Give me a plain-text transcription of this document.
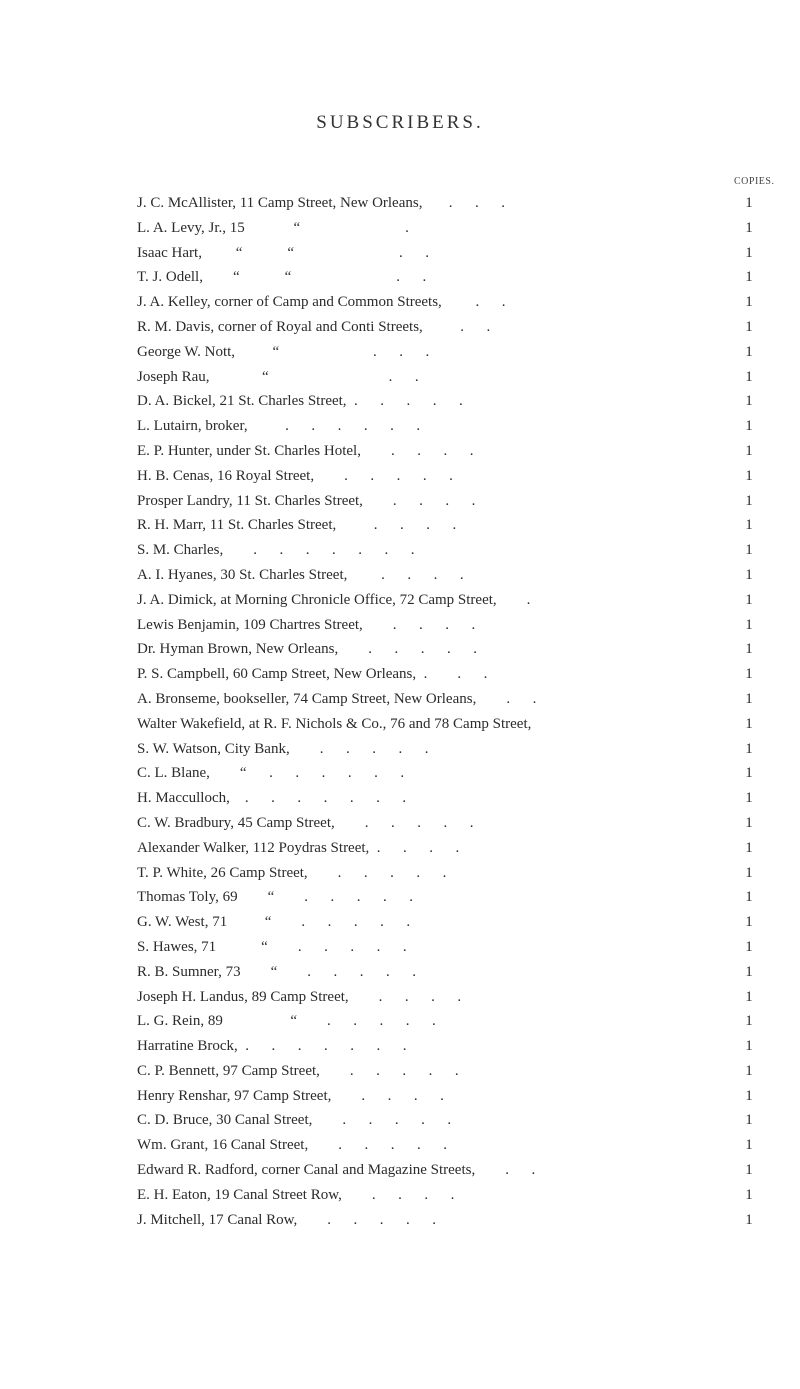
SUBSCRIBERS.
COPIES.
J. C. McAllister, 11 Camp Street, New Orleans,       .      .      .	1
L. A. Levy, Jr., 15             “                            .	1
Isaac Hart,         “            “                            .      .	1
T. J. Odell,        “            “                            .      .	1
J. A. Kelley, corner of Camp and Common Streets,         .      .	1
R. M. Davis, corner of Royal and Conti Streets,          .      .	1
George W. Nott,          “                         .      .      .	1
Joseph Rau,              “                                .      .	1
D. A. Bickel, 21 St. Charles Street,  .      .      .      .      .	1
L. Lutairn, broker,          .      .      .      .      .      .	1
E. P. Hunter, under St. Charles Hotel,        .      .      .      .	1
H. B. Cenas, 16 Royal Street,        .      .      .      .      .	1
Prosper Landry, 11 St. Charles Street,        .      .      .      .	1
R. H. Marr, 11 St. Charles Street,          .      .      .      .	1
S. M. Charles,        .      .      .      .      .      .      .	1
A. I. Hyanes, 30 St. Charles Street,         .      .      .      .	1
J. A. Dimick, at Morning Chronicle Office, 72 Camp Street,        .	1
Lewis Benjamin, 109 Chartres Street,        .      .      .      .	1
Dr. Hyman Brown, New Orleans,        .      .      .      .      .	1
P. S. Campbell, 60 Camp Street, New Orleans,  .        .      .	1
A. Bronseme, bookseller, 74 Camp Street, New Orleans,        .      .	1
Walter Wakefield, at R. F. Nichols & Co., 76 and 78 Camp Street,	1
S. W. Watson, City Bank,        .      .      .      .      .	1
C. L. Blane,        “      .      .      .      .      .      .	1
H. Macculloch,    .      .      .      .      .      .      .	1
C. W. Bradbury, 45 Camp Street,        .      .      .      .      .	1
Alexander Walker, 112 Poydras Street,  .      .      .      .	1
T. P. White, 26 Camp Street,        .      .      .      .      .	1
Thomas Toly, 69        “        .      .      .      .      .	1
G. W. West, 71          “        .      .      .      .      .	1
S. Hawes, 71            “        .      .      .      .      .	1
R. B. Sumner, 73        “        .      .      .      .      .	1
Joseph H. Landus, 89 Camp Street,        .      .      .      .	1
L. G. Rein, 89                  “        .      .      .      .      .	1
Harratine Brock,  .      .      .      .      .      .      .	1
C. P. Bennett, 97 Camp Street,        .      .      .      .      .	1
Henry Renshar, 97 Camp Street,        .      .      .      .	1
C. D. Bruce, 30 Canal Street,        .      .      .      .      .	1
Wm. Grant, 16 Canal Street,        .      .      .      .      .	1
Edward R. Radford, corner Canal and Magazine Streets,        .      .	1
E. H. Eaton, 19 Canal Street Row,        .      .      .      .	1
J. Mitchell, 17 Canal Row,        .      .      .      .      .	1
